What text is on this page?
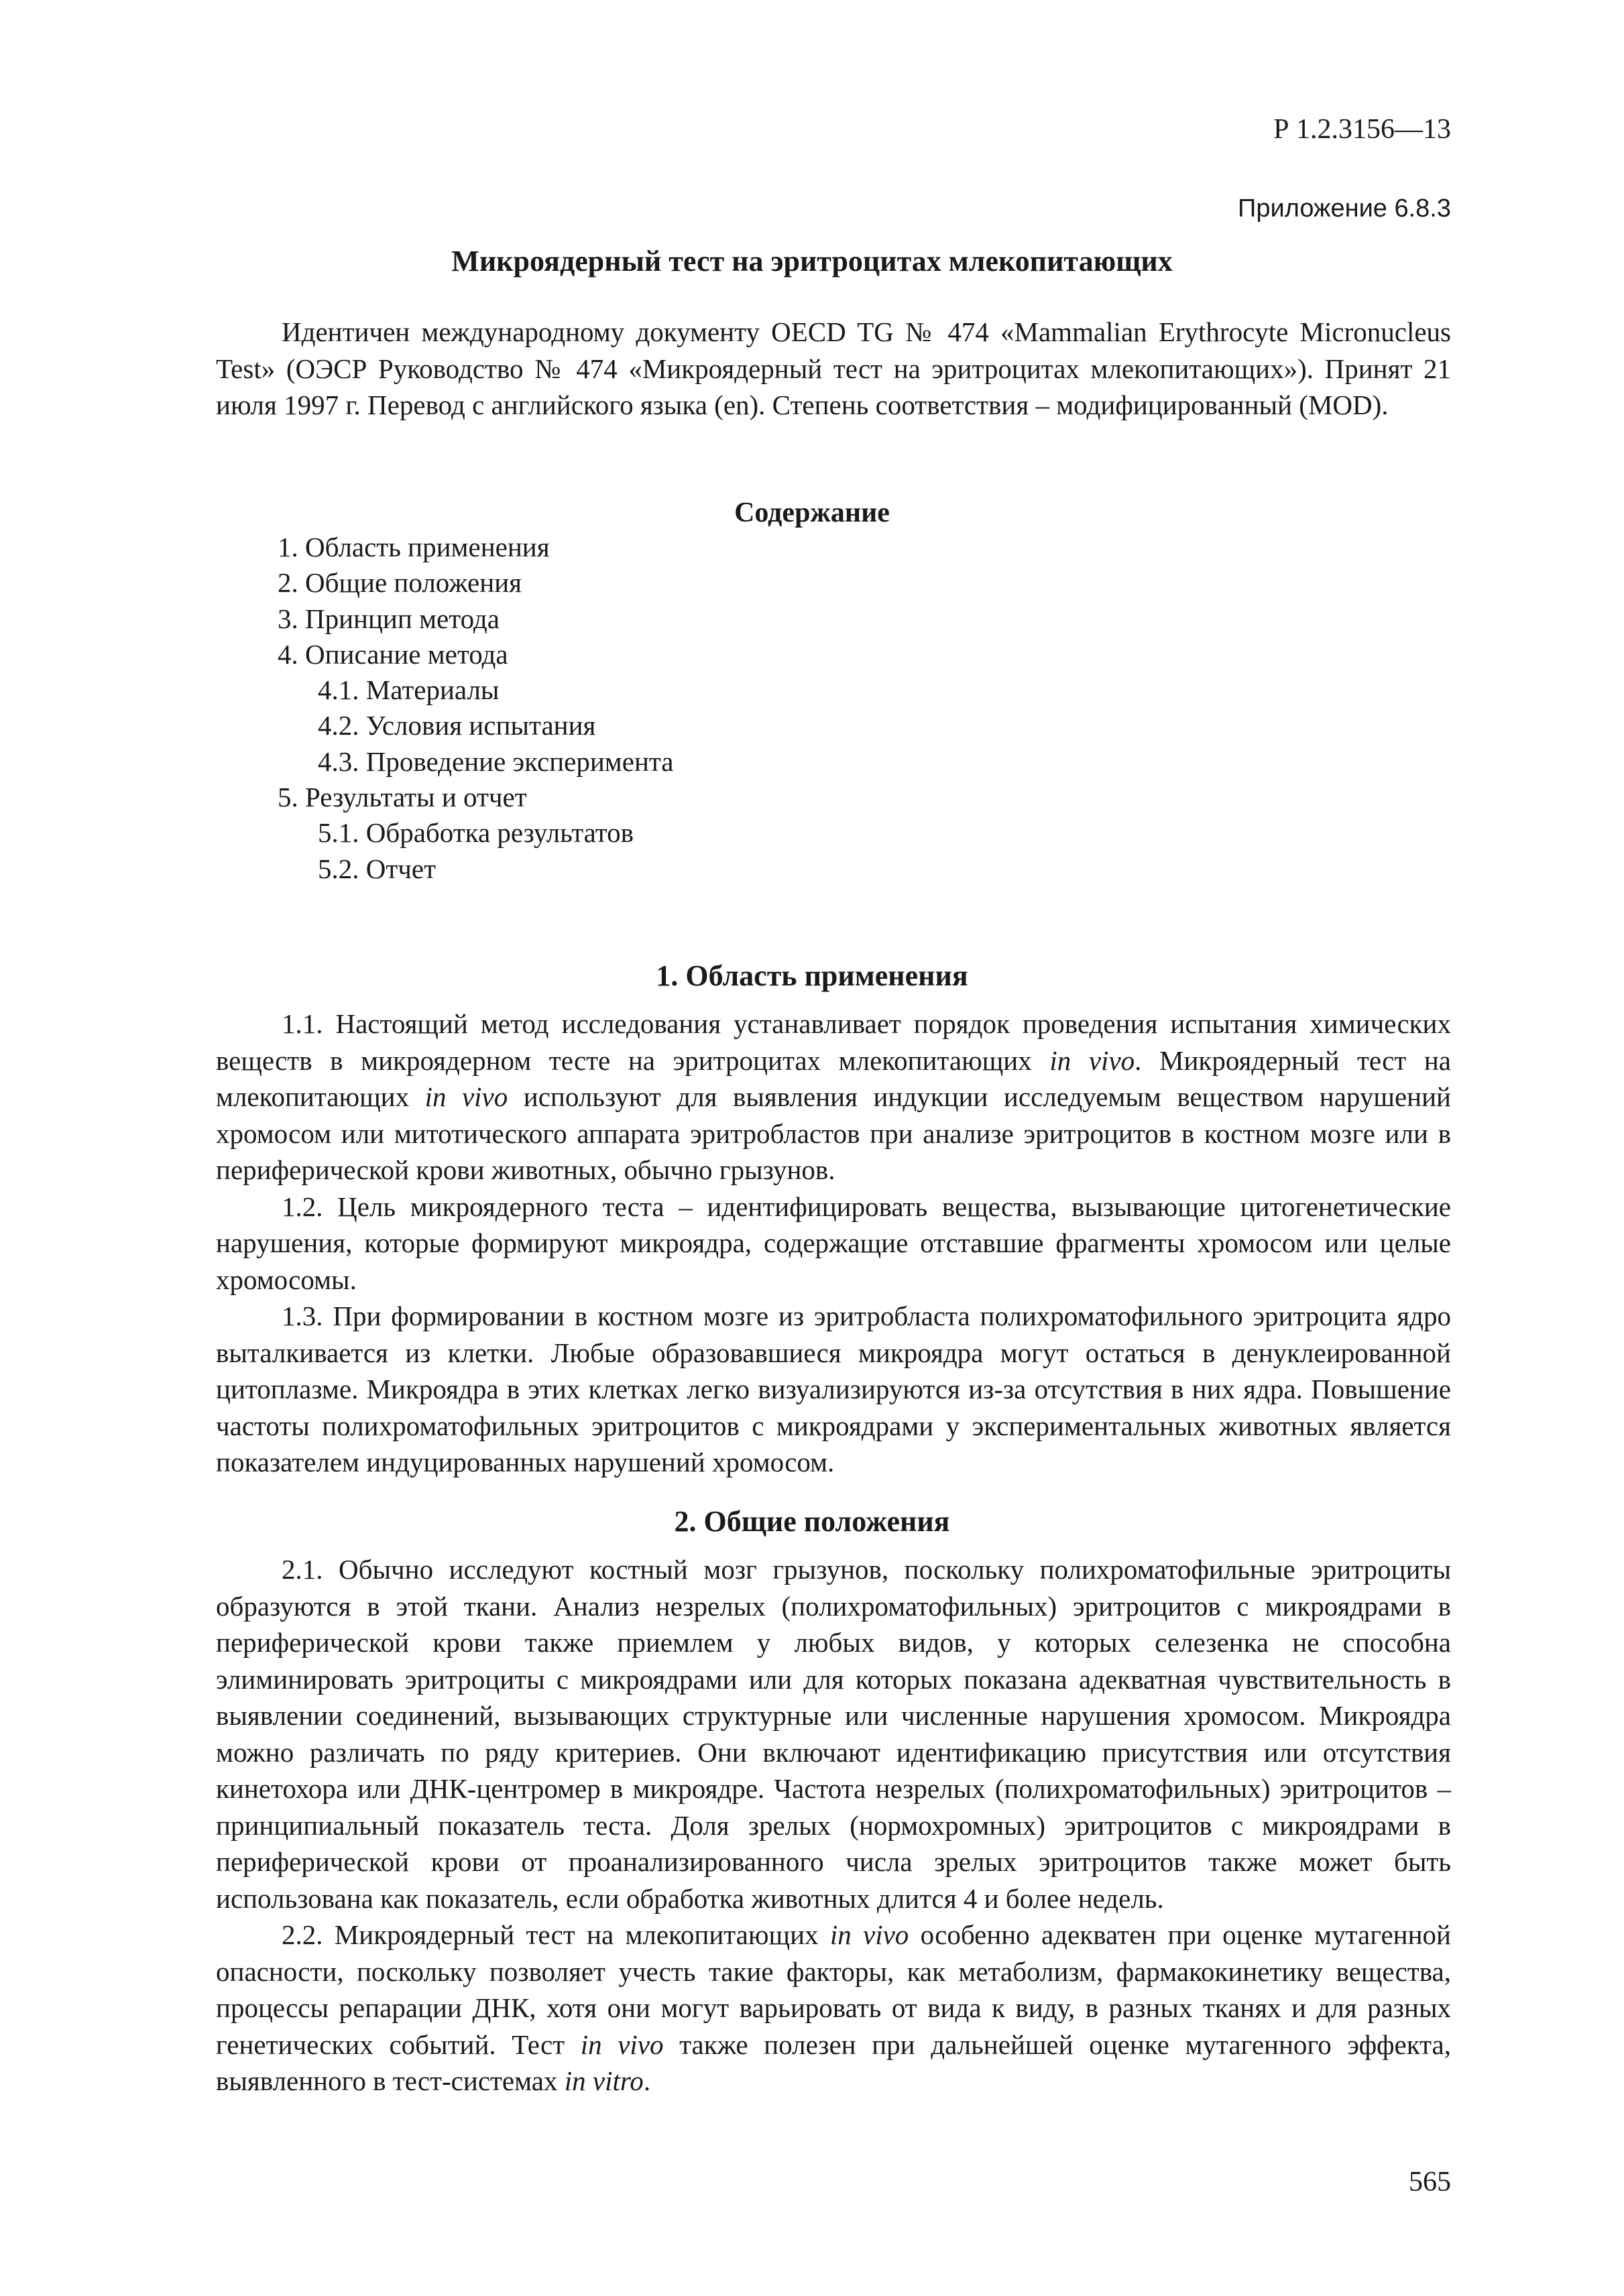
Р 1.2.3156—13
Приложение 6.8.3
Микроядерный тест на эритроцитах млекопитающих

Идентичен международному документу OECD TG № 474 «Mammalian Erythrocyte Micronucleus Test» (ОЭСР Руководство № 474 «Микроядерный тест на эритроцитах млекопитающих»). Принят 21 июля 1997 г. Перевод с английского языка (en). Степень соответствия – модифицированный (MOD).

Содержание
1. Область применения
2. Общие положения
3. Принцип метода
4. Описание метода
4.1. Материалы
4.2. Условия испытания
4.3. Проведение эксперимента
5. Результаты и отчет
5.1. Обработка результатов
5.2. Отчет
1. Область применения

1.1. Настоящий метод исследования устанавливает порядок проведения испытания химических веществ в микроядерном тесте на эритроцитах млекопитающих in vivo. Микроядерный тест на млекопитающих in vivo используют для выявления индукции исследуемым веществом нарушений хромосом или митотического аппарата эритробластов при анализе эритроцитов в костном мозге или в периферической крови животных, обычно грызунов.

1.2. Цель микроядерного теста – идентифицировать вещества, вызывающие цитогенетические нарушения, которые формируют микроядра, содержащие отставшие фрагменты хромосом или целые хромосомы.

1.3. При формировании в костном мозге из эритробласта полихроматофильного эритроцита ядро выталкивается из клетки. Любые образовавшиеся микроядра могут остаться в денуклеированной цитоплазме. Микроядра в этих клетках легко визуализируются из-за отсутствия в них ядра. Повышение частоты полихроматофильных эритроцитов с микроядрами у экспериментальных животных является показателем индуцированных нарушений хромосом.

2. Общие положения

2.1. Обычно исследуют костный мозг грызунов, поскольку полихроматофильные эритроциты образуются в этой ткани. Анализ незрелых (полихроматофильных) эритроцитов с микроядрами в периферической крови также приемлем у любых видов, у которых селезенка не способна элиминировать эритроциты с микроядрами или для которых показана адекватная чувствительность в выявлении соединений, вызывающих структурные или численные нарушения хромосом. Микроядра можно различать по ряду критериев. Они включают идентификацию присутствия или отсутствия кинетохора или ДНК-центромер в микроядре. Частота незрелых (полихроматофильных) эритроцитов – принципиальный показатель теста. Доля зрелых (нормохромных) эритроцитов с микроядрами в периферической крови от проанализированного числа зрелых эритроцитов также может быть использована как показатель, если обработка животных длится 4 и более недель.

2.2. Микроядерный тест на млекопитающих in vivo особенно адекватен при оценке мутагенной опасности, поскольку позволяет учесть такие факторы, как метаболизм, фармакокинетику вещества, процессы репарации ДНК, хотя они могут варьировать от вида к виду, в разных тканях и для разных генетических событий. Тест in vivo также полезен при дальнейшей оценке мутагенного эффекта, выявленного в тест-системах in vitro.

565
